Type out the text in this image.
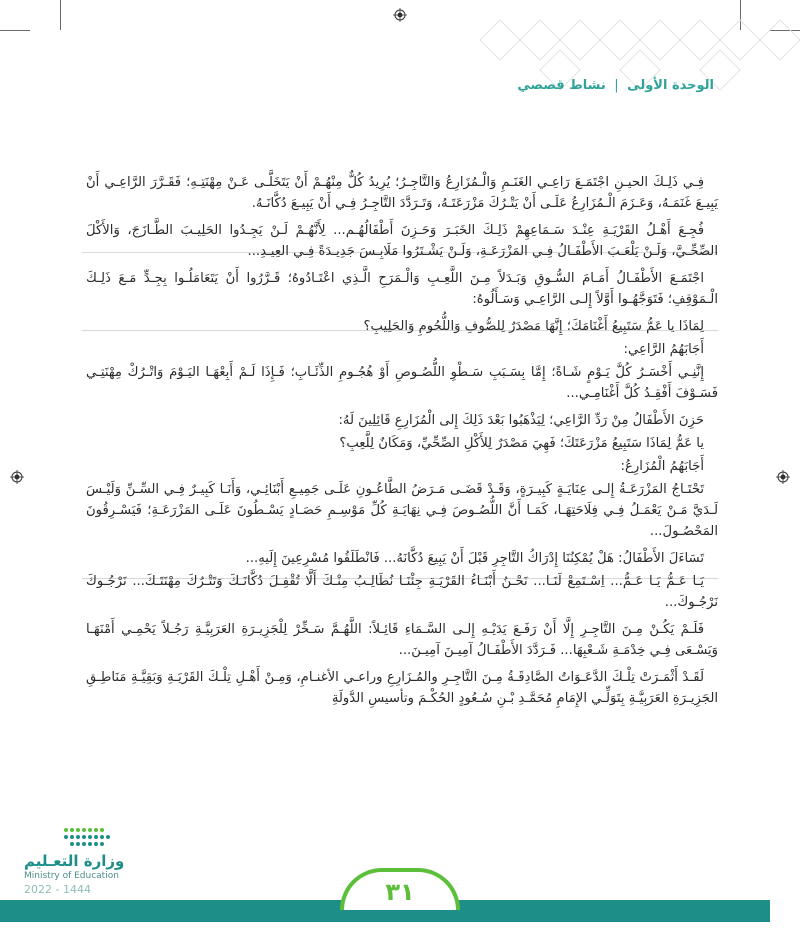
الوحدة الأولى | نشاط قصصي

فِـي ذَلِـكَ الحيـنِ اجْتَمَـعَ رَاعِـي الغَنَـمِ وَالْـمُزَارِعُ وَالتَّاجِـرُ؛ يُرِيدُ كُلٌّ مِنْهُـمْ أَنْ يَتَخَلَّـى عَـنْ مِهْنَتِـهِ؛ فَقَـرَّرَ الرَّاعِـي أَنْ يَبِيـعَ غَنَمَـهُ، وَعَـزَمَ الْـمُزَارِعُ عَلَـى أَنْ يَتْـرُكَ مَزْرَعَتَـهُ، وَتَـرَدَّدَ التَّاجِـرُ فِـي أَنْ يَبِيـعَ دُكَّانَـهُ.

فُجِـعَ أَهْـلُ القَرْيَـةِ عِنْـدَ سَـمَاعِهِمْ ذَلِـكَ الخَبَـرَ وَحَـزِنَ أَطْفَالُهُـم... لِأَنَّهُـمْ لَـنْ يَجِـدُوا الحَلِيـبَ الطَّـازَجَ، وَالأَكْلَ الصِّحِّـيَّ، وَلَـنْ يَلْعَـبَ الأَطْفَـالُ فِـي المَزْرَعَـةِ، وَلَـنْ يَشْـتَرُوا مَلَابِـسَ جَدِيـدَةً فِـي العِيـدِ...

اجْتَمَـعَ الأَطْفَـالُ أَمَـامَ السُّـوقِ وَبَـدَلاً مِـنَ اللَّعِـبِ وَالْـمَرَحِ الَّـذِي اعْتَـادُوهُ؛ قَـرَّرُوا أَنْ يَتَعَامَلُـوا بِجِـدٍّ مَـعَ ذَلِـكَ الْـمَوْقِفِ؛ فَتَوَجَّهُـوا أَوَّلاً إِلـى الرَّاعِـي وَسَـأَلُوهُ:

لِمَاذَا يا عَمُّ سَتَبِيعُ أَغْنَامَكَ؛ إِنَّهَا مَصْدَرٌ لِلصُّوفِ وَاللُّحُومِ وَالحَلِيبِ؟

أَجَابَهُمُ الرَّاعِي:

إِنَّنِـي أَخْسَـرُ كُلَّ يَـوْمٍ شَـاةً؛ إِمَّا بِسَـبَبِ سَـطْوِ اللُّصُـوصِ أَوْ هُجُـومِ الذِّئَـابِ؛ فَـإِذَا لَـمْ أَبِعْهَـا اليَـوْمَ وَاتْـرُكْ مِهْنَتِـي فَسَـوْفَ أَفْقِـدُ كُلَّ أَغْنَامِـي...

حَزِنَ الأَطْفَالُ مِنْ رَدِّ الرَّاعِي؛ لِيَذْهَبُوا بَعْدَ ذَلِكَ إِلى الْمُزَارِعِ قَائِلِينَ لَهُ:

يا عَمُّ لِمَاذَا سَتَبِيعُ مَزْرَعَتَكَ؛ فَهِيَ مَصْدَرٌ لِلأَكْلِ الصِّحِّيِّ، وَمَكَانٌ لِلَّعِبِ؟

أَجَابَهُمُ الْمُزَارِعُ:

تَحْتَـاجُ المَزْرَعَـةُ إِلـى عِنَايَـةٍ كَبِيـرَةٍ، وَقَـدْ قَضَـى مَـرَضُ الطَّاعُـونِ عَلَـى جَمِيـعِ أَبْنَائِـي، وَأَنَـا كَبِيـرٌ فِـي السِّـنِّ وَلَيْـسَ لَـدَيَّ مَـنْ يَعْمَـلُ فِـي فِلَاحَتِهَـا، كَمَـا أَنَّ اللُّصُـوصَ فِـي نِهَايَـةِ كُلِّ مَوْسِـمِ حَصَـادٍ يَسْـطُونَ عَلَـى المَزْرَعَـةِ؛ فَيَسْـرِقُونَ المَحْصُـولَ...

تَسَاءَلَ الأَطْفَالُ: هَلْ يُمْكِنُنَا إِدْرَاكُ التَّاجِرِ قَبْلَ أَنْ يَبِيعَ دُكَّانَهُ... فَانْطَلَقُوا مُسْرِعِينَ إِلَيهِ...

يَـا عَـمُّ يَـا عَـمُّ... اِسْـتَمِعْ لَنَـا... نَحْـنُ أَبْنَـاءُ القَرْيَـةِ جِئْنَـا نُطَالِـبُ مِنْـكَ أَلَّا تُقْفِـلَ دُكَّانَـكَ وَتَتْـرُكَ مِهْنَتَـكَ... نَرْجُـوكَ نَرْجُـوكَ...

فَلَـمْ يَكُـنْ مِـنَ التَّاجِـرِ إِلَّا أَنْ رَفَـعَ يَدَيْـهِ إِلـى السَّـمَاءِ قَائِـلاً: اللَّهُـمَّ سَـخِّرْ لِلْجَزِيـرَةِ العَرَبِيَّـةِ رَجُـلاً يَحْمِـي أَمْنَهَـا وَيَسْـعَى فِـي خِدْمَـةِ شَـعْبِهَا... فَـرَدَّدَ الأَطْفَـالُ آمِيـنَ آمِيـنَ...

لَقَـدْ أَثْمَـرَتْ تِلْـكَ الدَّعَـوَاتُ الصَّادِقَـةُ مِـنَ التَّاجِـرِ والمُـزَارِعِ وراعـي الأغنـامِ، وَمِـنْ أَهْـلِ تِلْـكَ القَرْيَـةِ وَبَقِيَّـةِ مَنَاطِـقِ الجَزِيـرَةِ العَرَبِيَّـةِ بِتَوَلِّـي الإِمَامِ مُحَمَّـدِ بْـنِ سُـعُودٍ الحُكْـمَ وتأسيسِ الدَّولَةِ

وزارة التعـليم
Ministry of Education
2022 - 1444	٣١
